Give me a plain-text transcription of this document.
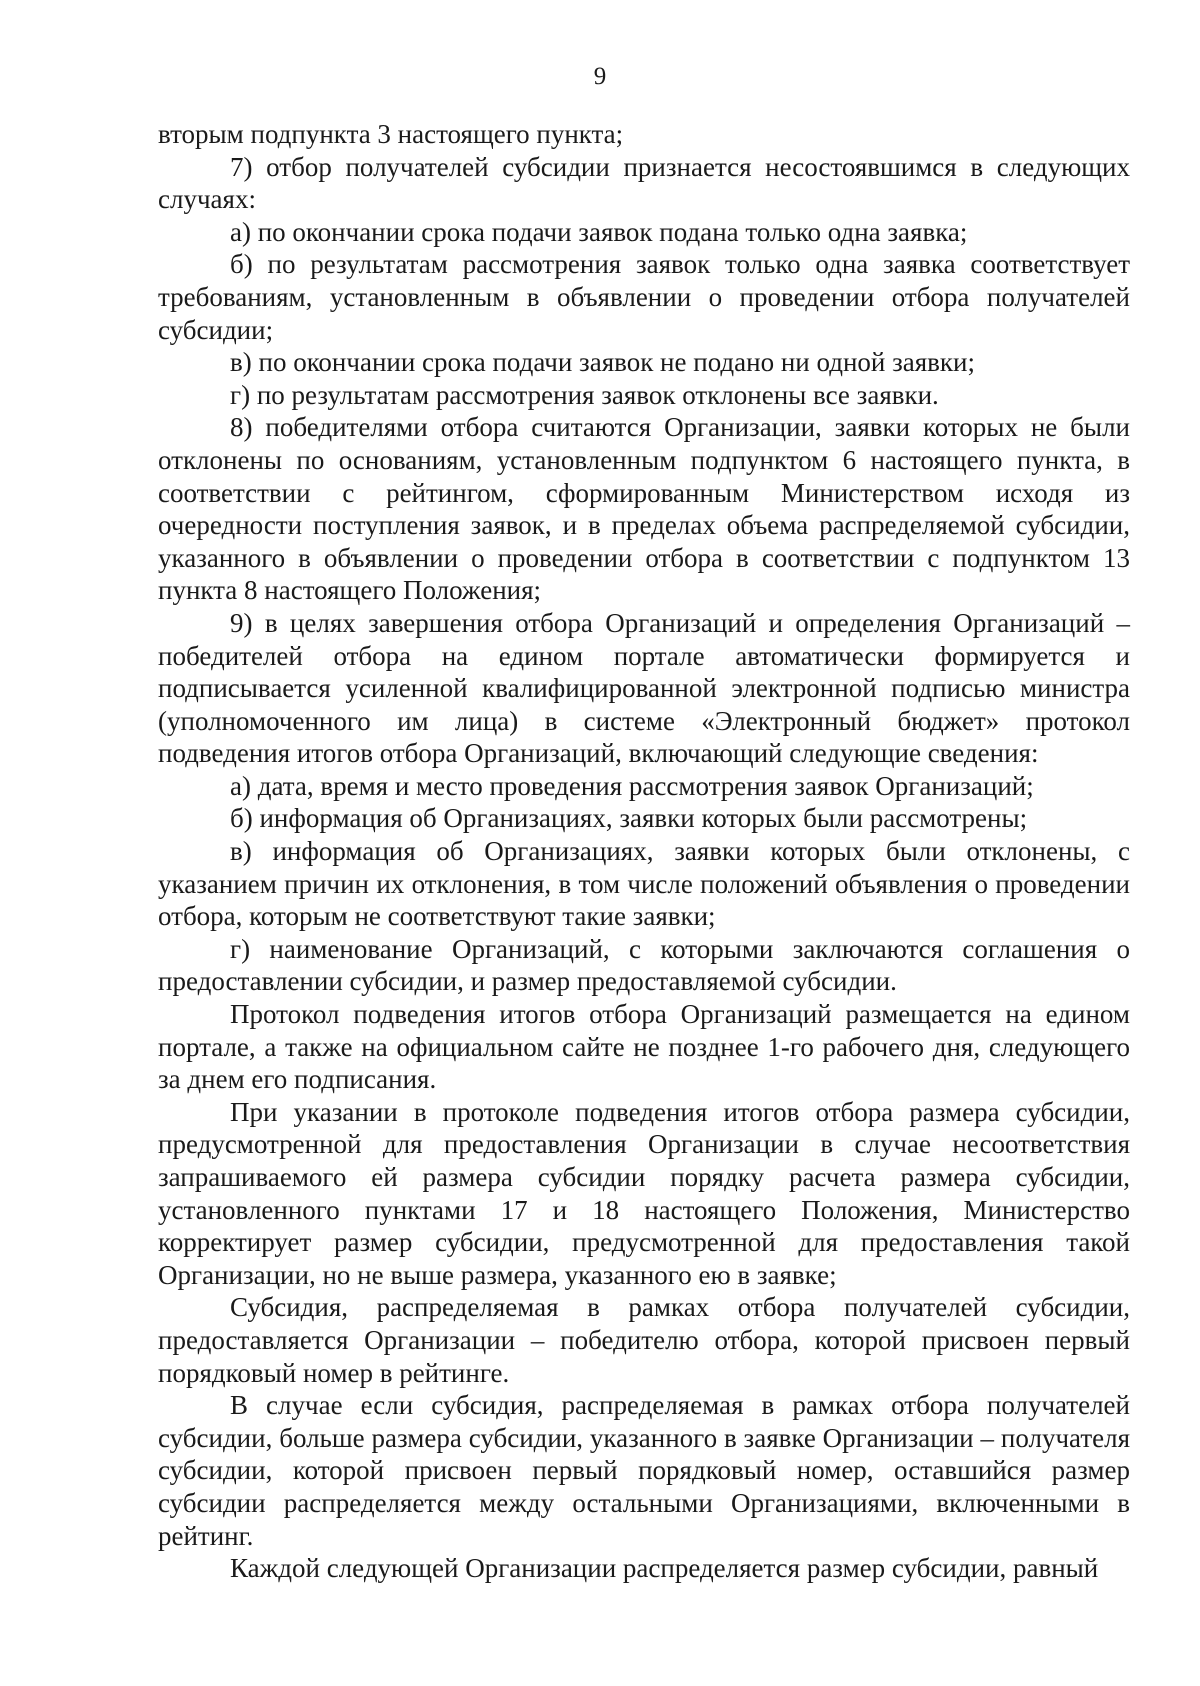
9

вторым подпункта 3 настоящего пункта;

7) отбор получателей субсидии признается несостоявшимся в следующих случаях:

а) по окончании срока подачи заявок подана только одна заявка;

б) по результатам рассмотрения заявок только одна заявка соответствует требованиям, установленным в объявлении о проведении отбора получателей субсидии;

в) по окончании срока подачи заявок не подано ни одной заявки;

г) по результатам рассмотрения заявок отклонены все заявки.

8) победителями отбора считаются Организации, заявки которых не были отклонены по основаниям, установленным подпунктом 6 настоящего пункта, в соответствии с рейтингом, сформированным Министерством исходя из очередности поступления заявок, и в пределах объема распределяемой субсидии, указанного в объявлении о проведении отбора в соответствии с подпунктом 13 пункта 8 настоящего Положения;

9) в целях завершения отбора Организаций и определения Организаций – победителей отбора на едином портале автоматически формируется и подписывается усиленной квалифицированной электронной подписью министра (уполномоченного им лица) в системе «Электронный бюджет» протокол подведения итогов отбора Организаций, включающий следующие сведения:

а) дата, время и место проведения рассмотрения заявок Организаций;

б) информация об Организациях, заявки которых были рассмотрены;

в) информация об Организациях, заявки которых были отклонены, с указанием причин их отклонения, в том числе положений объявления о проведении отбора, которым не соответствуют такие заявки;

г) наименование Организаций, с которыми заключаются соглашения о предоставлении субсидии, и размер предоставляемой субсидии.

Протокол подведения итогов отбора Организаций размещается на едином портале, а также на официальном сайте не позднее 1-го рабочего дня, следующего за днем его подписания.

При указании в протоколе подведения итогов отбора размера субсидии, предусмотренной для предоставления Организации в случае несоответствия запрашиваемого ей размера субсидии порядку расчета размера субсидии, установленного пунктами 17 и 18 настоящего Положения, Министерство корректирует размер субсидии, предусмотренной для предоставления такой Организации, но не выше размера, указанного ею в заявке;

Субсидия, распределяемая в рамках отбора получателей субсидии, предоставляется Организации – победителю отбора, которой присвоен первый порядковый номер в рейтинге.

В случае если субсидия, распределяемая в рамках отбора получателей субсидии, больше размера субсидии, указанного в заявке Организации – получателя субсидии, которой присвоен первый порядковый номер, оставшийся размер субсидии распределяется между остальными Организациями, включенными в рейтинг.

Каждой следующей Организации распределяется размер субсидии, равный
